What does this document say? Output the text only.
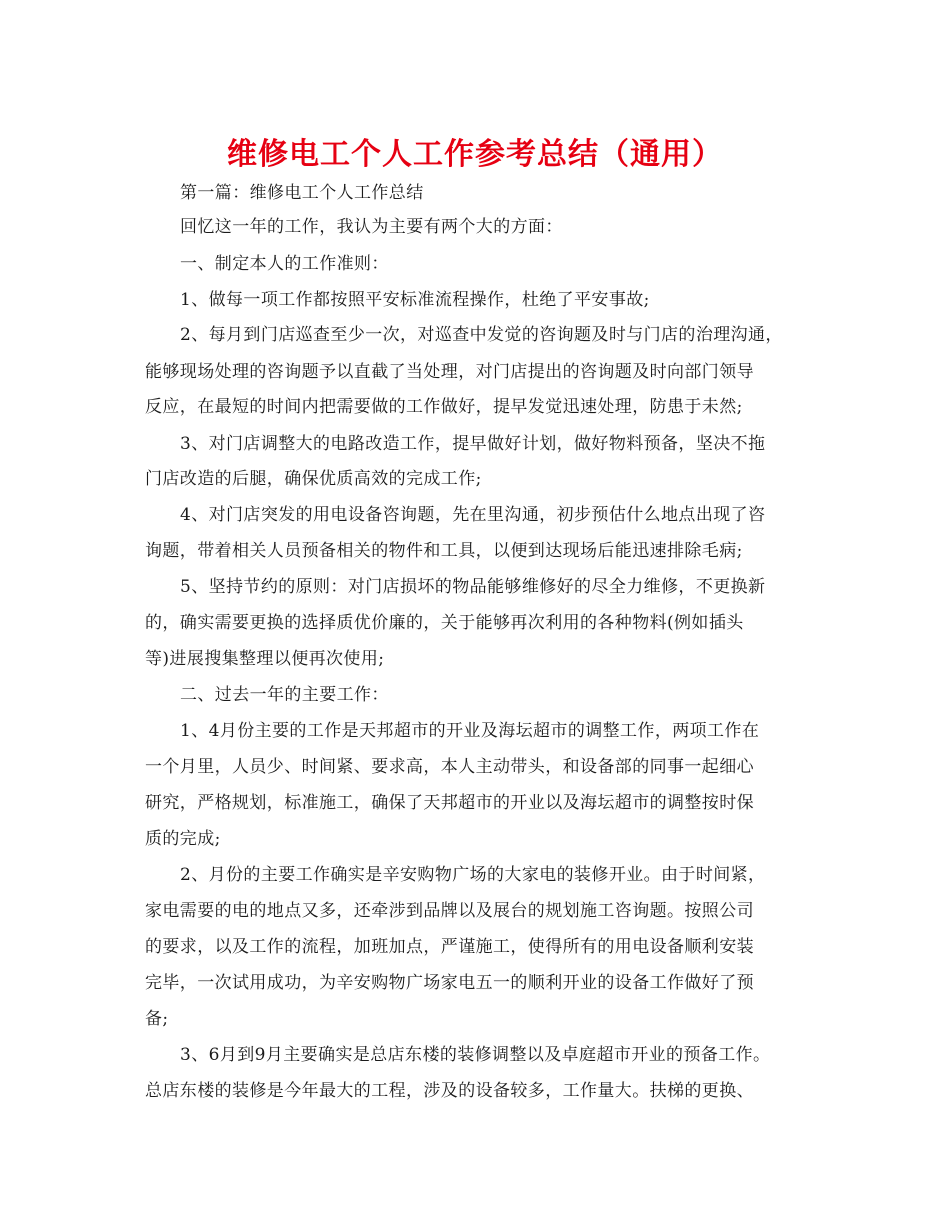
维修电工个人工作参考总结（通用）
第一篇：维修电工个人工作总结
回忆这一年的工作，我认为主要有两个大的方面：
一、制定本人的工作准则：
1、做每一项工作都按照平安标准流程操作，杜绝了平安事故;
2、每月到门店巡查至少一次，对巡查中发觉的咨询题及时与门店的治理沟通，
能够现场处理的咨询题予以直截了当处理，对门店提出的咨询题及时向部门领导
反应，在最短的时间内把需要做的工作做好，提早发觉迅速处理，防患于未然;
3、对门店调整大的电路改造工作，提早做好计划，做好物料预备，坚决不拖
门店改造的后腿，确保优质高效的完成工作;
4、对门店突发的用电设备咨询题，先在里沟通，初步预估什么地点出现了咨
询题，带着相关人员预备相关的物件和工具，以便到达现场后能迅速排除毛病;
5、坚持节约的原则：对门店损坏的物品能够维修好的尽全力维修，不更换新
的，确实需要更换的选择质优价廉的，关于能够再次利用的各种物料(例如插头
等)进展搜集整理以便再次使用;
二、过去一年的主要工作：
1、4月份主要的工作是天邦超市的开业及海坛超市的调整工作，两项工作在
一个月里，人员少、时间紧、要求高，本人主动带头，和设备部的同事一起细心
研究，严格规划，标准施工，确保了天邦超市的开业以及海坛超市的调整按时保
质的完成;
2、月份的主要工作确实是辛安购物广场的大家电的装修开业。由于时间紧，
家电需要的电的地点又多，还牵涉到品牌以及展台的规划施工咨询题。按照公司
的要求，以及工作的流程，加班加点，严谨施工，使得所有的用电设备顺利安装
完毕，一次试用成功，为辛安购物广场家电五一的顺利开业的设备工作做好了预
备;
3、6月到9月主要确实是总店东楼的装修调整以及卓庭超市开业的预备工作。
总店东楼的装修是今年最大的工程，涉及的设备较多，工作量大。扶梯的更换、
